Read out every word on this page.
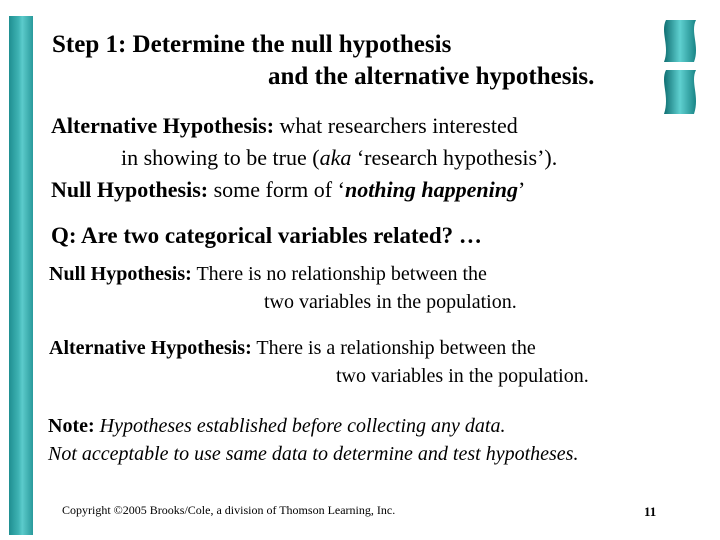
Step 1: Determine the null hypothesis
and the alternative hypothesis.
Alternative Hypothesis: what researchers interested
in showing to be true (aka ‘research hypothesis’).
Null Hypothesis: some form of ‘nothing happening’
Q: Are two categorical variables related? …
Null Hypothesis: There is no relationship between the
two variables in the population.
Alternative Hypothesis: There is a relationship between the
two variables in the population.
Note: Hypotheses established before collecting any data.
Not acceptable to use same data to determine and test hypotheses.
Copyright ©2005 Brooks/Cole, a division of Thomson Learning, Inc.	11
